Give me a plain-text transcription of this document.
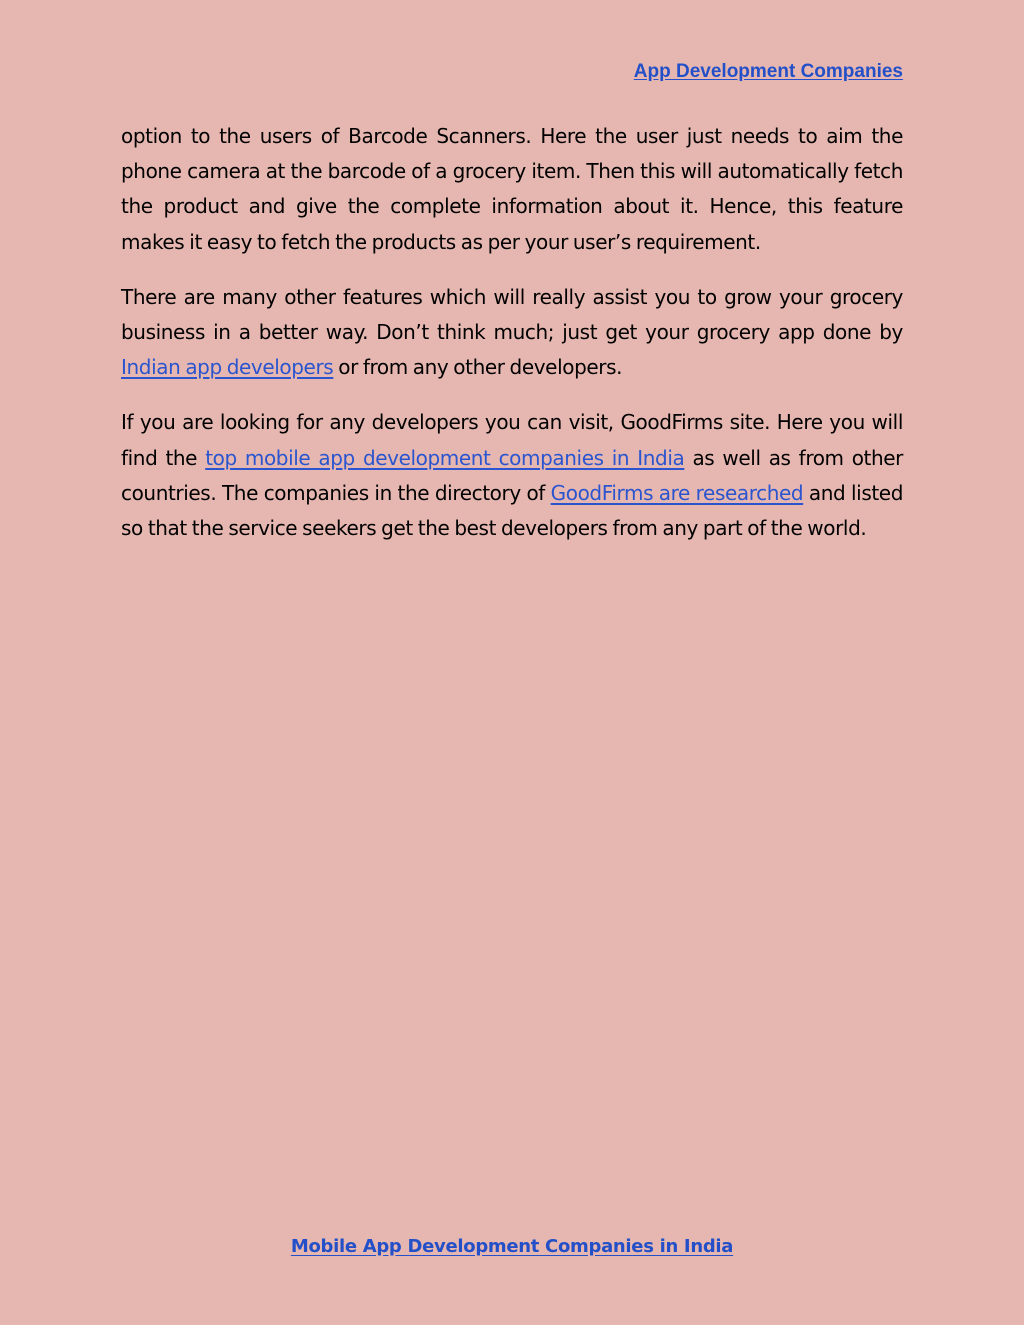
App Development Companies

option to the users of Barcode Scanners. Here the user just needs to aim the phone camera at the barcode of a grocery item. Then this will automatically fetch the product and give the complete information about it. Hence, this feature makes it easy to fetch the products as per your user’s requirement.

There are many other features which will really assist you to grow your grocery business in a better way. Don’t think much; just get your grocery app done by Indian app developers or from any other developers.

If you are looking for any developers you can visit, GoodFirms site. Here you will find the top mobile app development companies in India as well as from other countries. The companies in the directory of GoodFirms are researched and listed so that the service seekers get the best developers from any part of the world.

Mobile App Development Companies in India
